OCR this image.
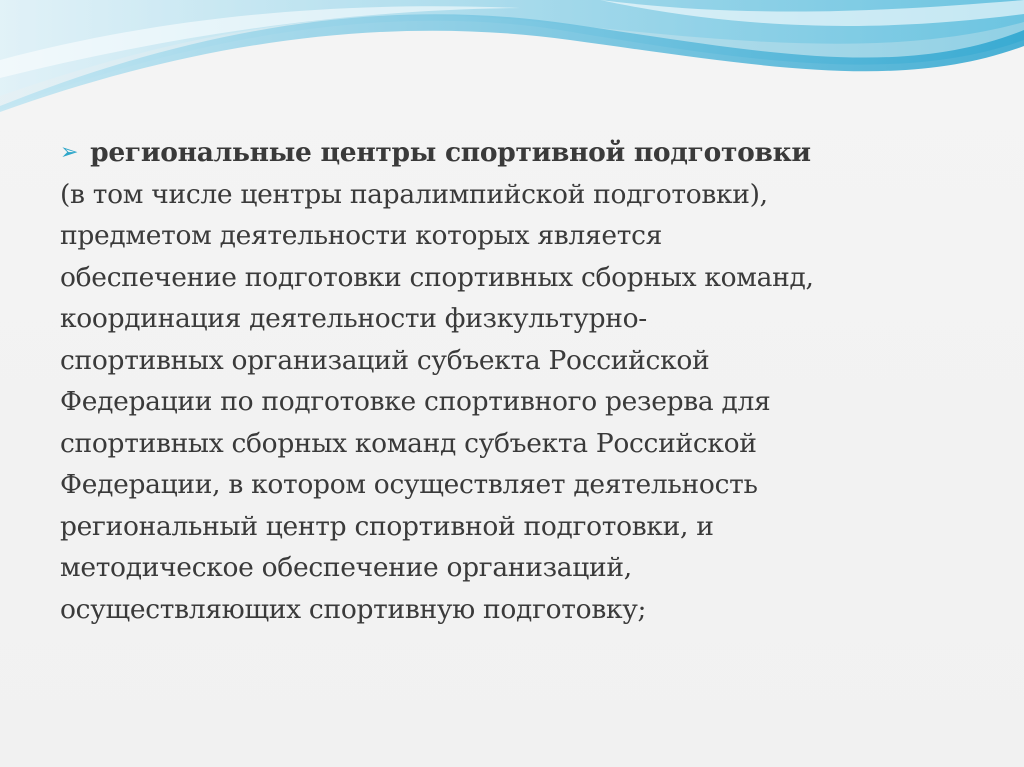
➢ региональные центры спортивной подготовки
(в том числе центры паралимпийской подготовки),
предметом деятельности которых является
обеспечение подготовки спортивных сборных команд,
координация деятельности физкультурно-
спортивных организаций субъекта Российской
Федерации по подготовке спортивного резерва для
спортивных сборных команд субъекта Российской
Федерации, в котором осуществляет деятельность
региональный центр спортивной подготовки, и
методическое обеспечение организаций,
осуществляющих спортивную подготовку;
